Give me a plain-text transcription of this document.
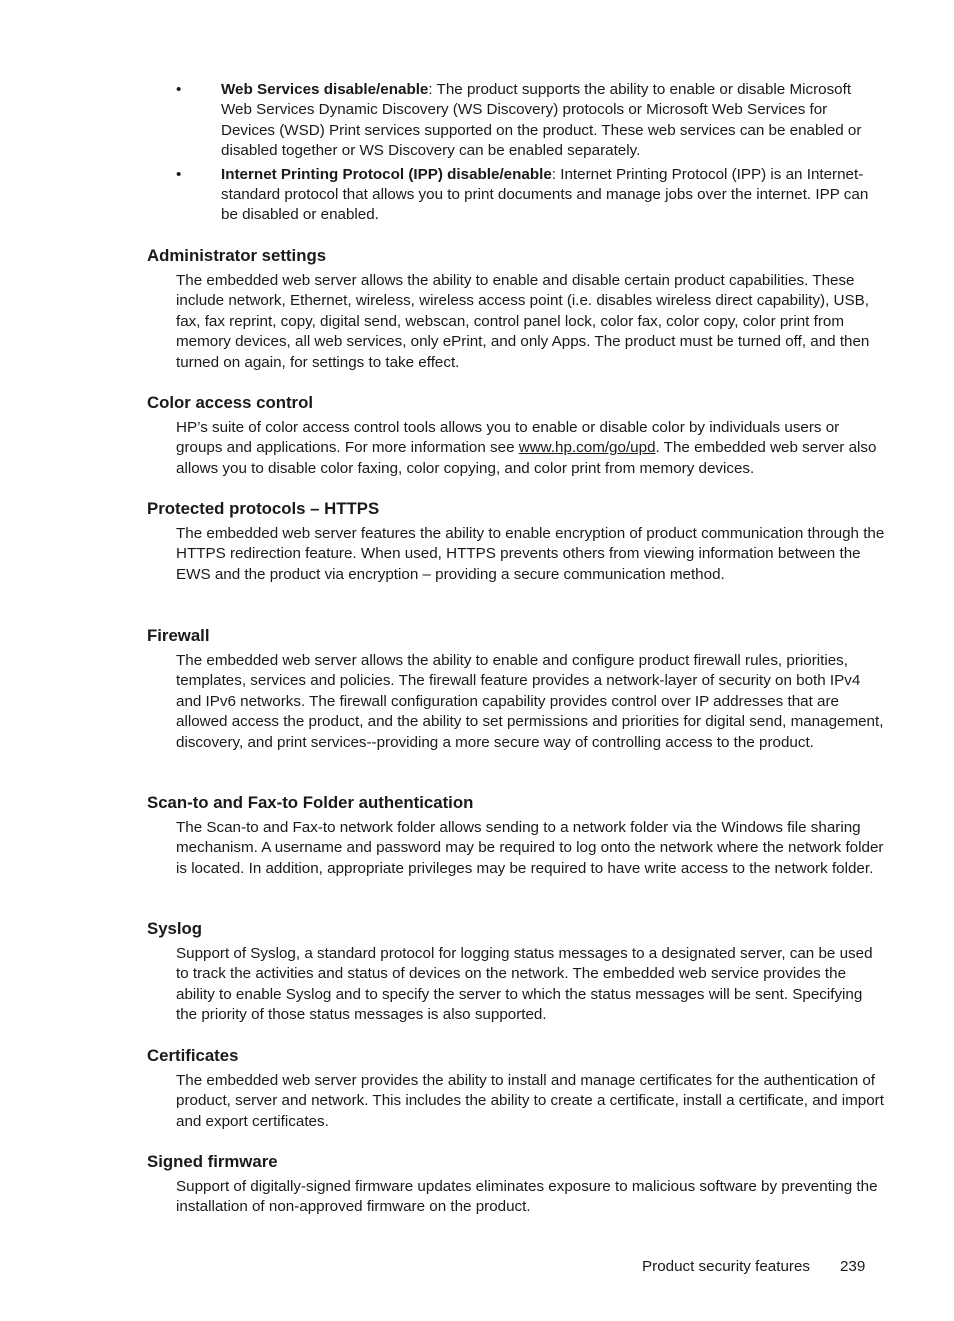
•	Web Services disable/enable: The product supports the ability to enable or disable Microsoft Web Services Dynamic Discovery (WS Discovery) protocols or Microsoft Web Services for Devices (WSD) Print services supported on the product. These web services can be enabled or disabled together or WS Discovery can be enabled separately.
•	Internet Printing Protocol (IPP) disable/enable: Internet Printing Protocol (IPP) is an Internet-standard protocol that allows you to print documents and manage jobs over the internet. IPP can be disabled or enabled.
Administrator settings

The embedded web server allows the ability to enable and disable certain product capabilities. These include network, Ethernet, wireless, wireless access point (i.e. disables wireless direct capability), USB, fax, fax reprint, copy, digital send, webscan, control panel lock, color fax, color copy, color print from memory devices, all web services, only ePrint, and only Apps. The product must be turned off, and then turned on again, for settings to take effect.

Color access control

HP’s suite of color access control tools allows you to enable or disable color by individuals users or groups and applications. For more information see www.hp.com/go/upd. The embedded web server also allows you to disable color faxing, color copying, and color print from memory devices.

Protected protocols – HTTPS

The embedded web server features the ability to enable encryption of product communication through the HTTPS redirection feature. When used, HTTPS prevents others from viewing information between the EWS and the product via encryption – providing a secure communication method.

Firewall

The embedded web server allows the ability to enable and configure product firewall rules, priorities, templates, services and policies. The firewall feature provides a network-layer of security on both IPv4 and IPv6 networks. The firewall configuration capability provides control over IP addresses that are allowed access the product, and the ability to set permissions and priorities for digital send, management, discovery, and print services--providing a more secure way of controlling access to the product.

Scan-to and Fax-to Folder authentication

The Scan-to and Fax-to network folder allows sending to a network folder via the Windows file sharing mechanism. A username and password may be required to log onto the network where the network folder is located. In addition, appropriate privileges may be required to have write access to the network folder.

Syslog

Support of Syslog, a standard protocol for logging status messages to a designated server, can be used to track the activities and status of devices on the network. The embedded web service provides the ability to enable Syslog and to specify the server to which the status messages will be sent. Specifying the priority of those status messages is also supported.

Certificates

The embedded web server provides the ability to install and manage certificates for the authentication of product, server and network. This includes the ability to create a certificate, install a certificate, and import and export certificates.

Signed firmware

Support of digitally-signed firmware updates eliminates exposure to malicious software by preventing the installation of non-approved firmware on the product.

Product security features 239
